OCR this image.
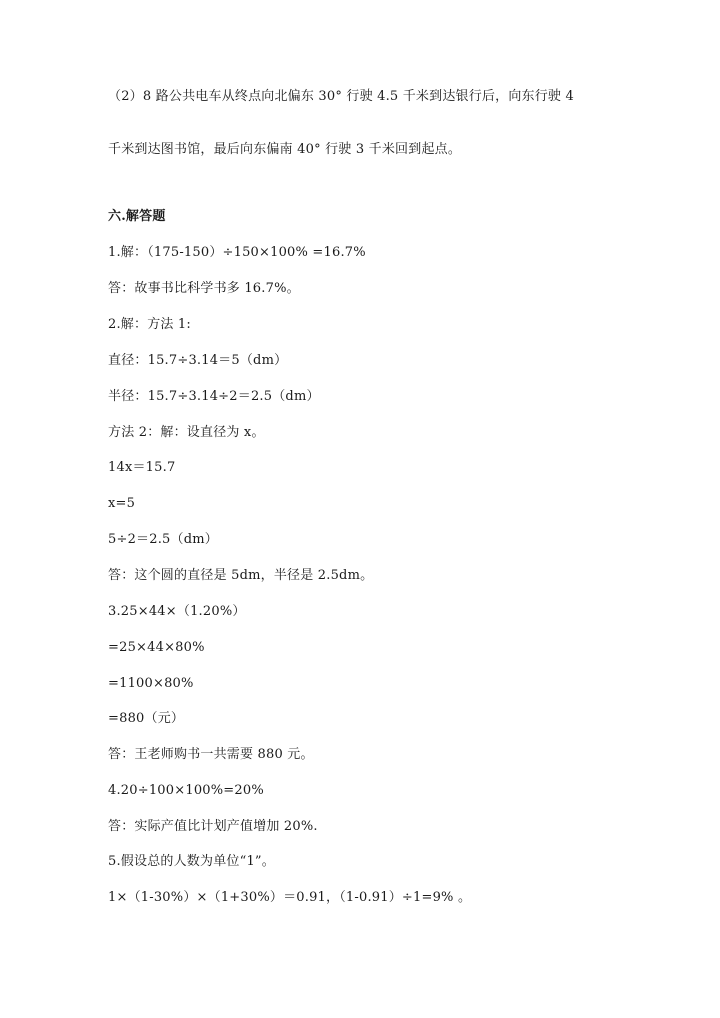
（2）8 路公共电车从终点向北偏东 30° 行驶 4.5 千米到达银行后，向东行驶 4
千米到达图书馆，最后向东偏南 40° 行驶 3 千米回到起点。
六.解答题
1.解：（175-150）÷150×100% =16.7%
答：故事书比科学书多 16.7%。
2.解：方法 1:
直径：15.7÷3.14＝5（dm）
半径：15.7÷3.14÷2＝2.5（dm）
方法 2：解：设直径为 x。
14x＝15.7
x=5
5÷2＝2.5（dm）
答：这个圆的直径是 5dm，半径是 2.5dm。
3.25×44×（1.20%）
=25×44×80%
=1100×80%
=880（元）
答：王老师购书一共需要 880 元。
4.20÷100×100%=20%
答：实际产值比计划产值增加 20%.
5.假设总的人数为单位“1”。
1×（1-30%）×（1+30%）＝0.91，（1-0.91）÷1=9% 。
